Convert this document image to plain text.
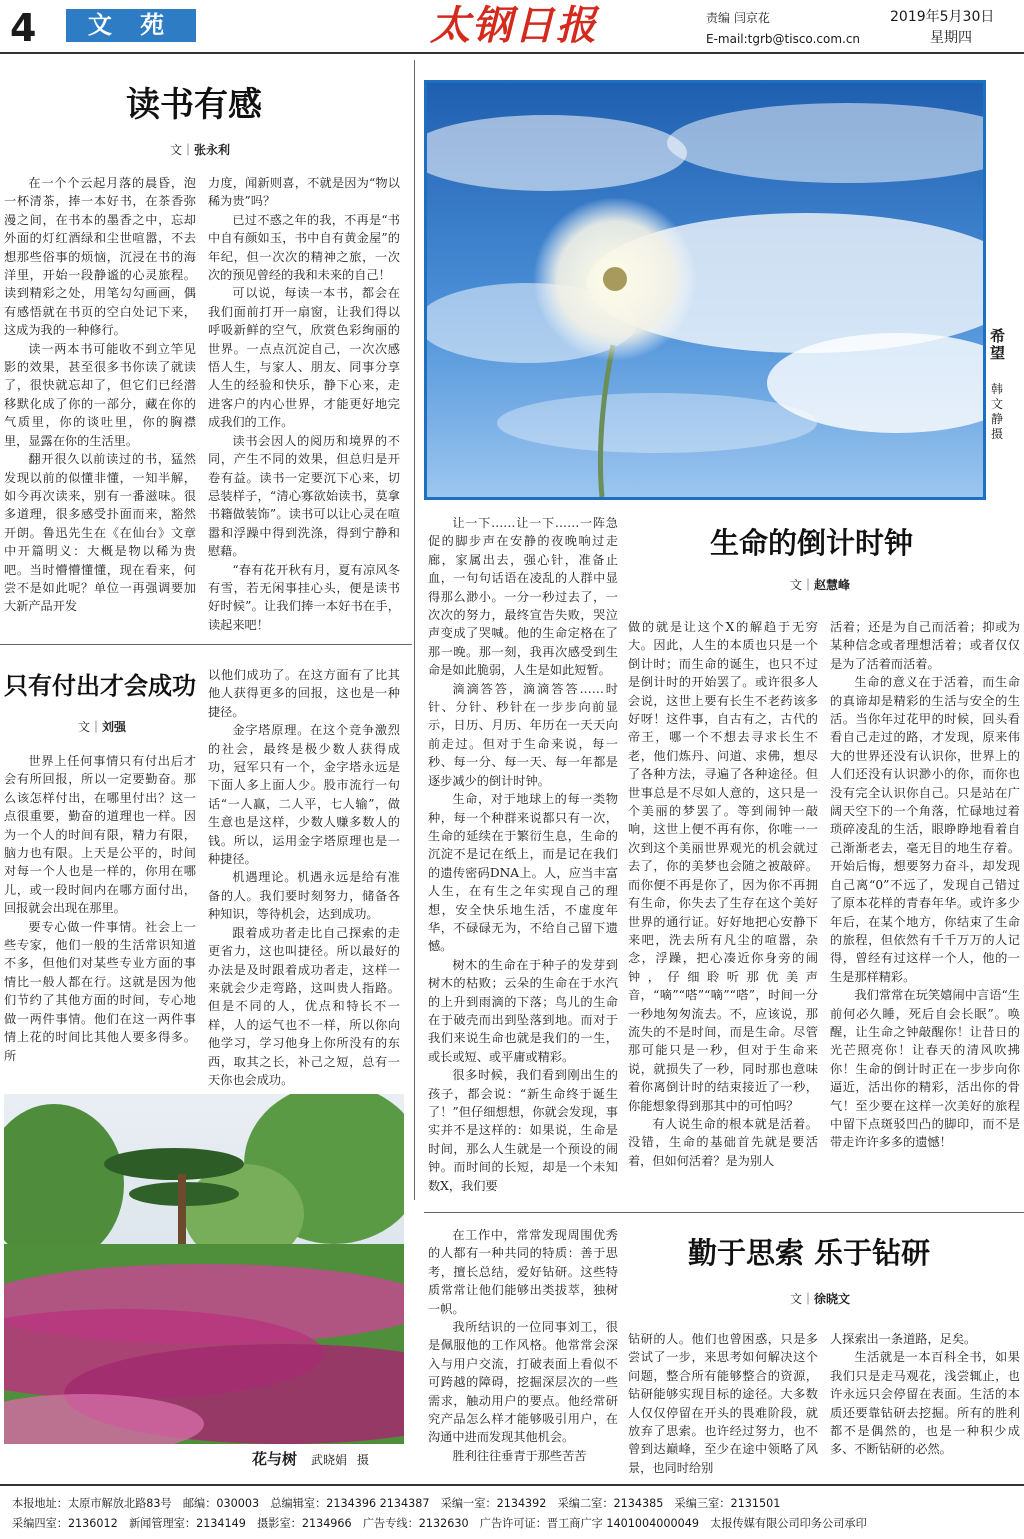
4	文 苑	太钢日报	责编 闫京花
E-mail:tgrb@tisco.com.cn
2019年5月30日
星期四
读书有感
文｜张永利

在一个个云起月落的晨昏，泡一杯清茶，捧一本好书，在茶香弥漫之间，在书本的墨香之中，忘却外面的灯红酒绿和尘世喧嚣，不去想那些俗事的烦恼，沉浸在书的海洋里，开始一段静谧的心灵旅程。读到精彩之处，用笔勾勾画画，偶有感悟就在书页的空白处记下来，这成为我的一种修行。

读一两本书可能收不到立竿见影的效果，甚至很多书你读了就读了，很快就忘却了，但它们已经潜移默化成了你的一部分，藏在你的气质里，你的谈吐里，你的胸襟里，显露在你的生活里。

翻开很久以前读过的书，猛然发现以前的似懂非懂，一知半解，如今再次读来，别有一番滋味。很多道理，很多感受扑面而来，豁然开朗。鲁迅先生在《在仙台》文章中开篇明义：大概是物以稀为贵吧。当时懵懵懂懂，现在看来，何尝不是如此呢？单位一再强调要加大新产品开发

力度，闻新则喜，不就是因为“物以稀为贵”吗？

已过不惑之年的我，不再是“书中自有颜如玉，书中自有黄金屋”的年纪，但一次次的精神之旅，一次次的预见曾经的我和未来的自己！

可以说，每读一本书，都会在我们面前打开一扇窗，让我们得以呼吸新鲜的空气，欣赏色彩绚丽的世界。一点点沉淀自己，一次次感悟人生，与家人、朋友、同事分享人生的经验和快乐，静下心来，走进客户的内心世界，才能更好地完成我们的工作。

读书会因人的阅历和境界的不同，产生不同的效果，但总归是开卷有益。读书一定要沉下心来，切忌装样子，“清心寡欲始读书，莫拿书籍做装饰”。读书可以让心灵在喧嚣和浮躁中得到洗涤，得到宁静和慰藉。

“春有花开秋有月，夏有凉风冬有雪，若无闲事挂心头，便是读书好时候”。让我们捧一本好书在手，读起来吧！

希望
韩文静摄
只有付出才会成功
文｜刘强

世界上任何事情只有付出后才会有所回报，所以一定要勤奋。那么该怎样付出，在哪里付出？这一点很重要，勤奋的道理也一样。因为一个人的时间有限，精力有限，脑力也有限。上天是公平的，时间对每一个人也是一样的，你用在哪儿，或一段时间内在哪方面付出，回报就会出现在那里。

要专心做一件事情。社会上一些专家，他们一般的生活常识知道不多，但他们对某些专业方面的事情比一般人都在行。这就是因为他们节约了其他方面的时间，专心地做一两件事情。他们在这一两件事情上花的时间比其他人要多得多。所

以他们成功了。在这方面有了比其他人获得更多的回报，这也是一种捷径。

金字塔原理。在这个竞争激烈的社会，最终是极少数人获得成功，冠军只有一个，金字塔永远是下面人多上面人少。股市流行一句话“一人赢，二人平，七人输”，做生意也是这样，少数人赚多数人的钱。所以，运用金字塔原理也是一种捷径。

机遇理论。机遇永远是给有准备的人。我们要时刻努力，储备各种知识，等待机会，达到成功。

跟着成功者走比自己探索的走更省力，这也叫捷径。所以最好的办法是及时跟着成功者走，这样一来就会少走弯路，这叫贵人指路。但是不同的人，优点和特长不一样，人的运气也不一样，所以你向他学习，学习他身上你所没有的东西，取其之长，补己之短，总有一天你也会成功。

花与树 武晓娟 摄
生命的倒计时钟
文｜赵慧峰

让一下……让一下……一阵急促的脚步声在安静的夜晚响过走廊，家属出去，强心针，准备止血，一句句话语在凌乱的人群中显得那么渺小。一分一秒过去了，一次次的努力，最终宣告失败，哭泣声变成了哭喊。他的生命定格在了那一晚。那一刻，我再次感受到生命是如此脆弱，人生是如此短暂。

滴滴答答，滴滴答答……时针、分针、秒针在一步步向前显示，日历、月历、年历在一天天向前走过。但对于生命来说，每一秒、每一分、每一天、每一年都是逐步减少的倒计时钟。

生命，对于地球上的每一类物种，每一个种群来说都只有一次，生命的延续在于繁衍生息，生命的沉淀不是记在纸上，而是记在我们的遗传密码DNA上。人，应当丰富人生，在有生之年实现自己的理想，安全快乐地生活，不虚度年华，不碌碌无为，不给自己留下遗憾。

树木的生命在于种子的发芽到树木的枯败；云朵的生命在于水汽的上升到雨滴的下落；鸟儿的生命在于破壳而出到坠落到地。而对于我们来说生命也就是我们的一生，或长或短、或平庸或精彩。

很多时候，我们看到刚出生的孩子，都会说：“新生命终于诞生了！”但仔细想想，你就会发现，事实并不是这样的：如果说，生命是时间，那么人生就是一个预设的闹钟。而时间的长短，却是一个未知数X，我们要

做的就是让这个X的解趋于无穷大。因此，人生的本质也只是一个倒计时；而生命的诞生，也只不过是倒计时的开始罢了。或许很多人会说，这世上要有长生不老药该多好呀！这件事，自古有之，古代的帝王，哪一个不想去寻求长生不老，他们炼丹、问道、求佛，想尽了各种方法，寻遍了各种途径。但世事总是不尽如人意的，这只是一个美丽的梦罢了。等到闹钟一敲响，这世上便不再有你，你唯一一次到这个美丽世界观光的机会就过去了，你的美梦也会随之被敲碎。而你便不再是你了，因为你不再拥有生命，你失去了生存在这个美好世界的通行证。好好地把心安静下来吧，洗去所有凡尘的喧嚣，杂念，浮躁，把心凑近你身旁的闹钟，仔细聆听那优美声音，“嘀”“嗒”“嘀”“嗒”，时间一分一秒地匆匆流去。不，应该说，那流失的不是时间，而是生命。尽管那可能只是一秒，但对于生命来说，就损失了一秒，同时那也意味着你离倒计时的结束接近了一秒，你能想象得到那其中的可怕吗？

有人说生命的根本就是活着。没错，生命的基础首先就是要活着，但如何活着？是为别人

活着；还是为自己而活着；抑或为某种信念或者理想活着；或者仅仅是为了活着而活着。

生命的意义在于活着，而生命的真谛却是精彩的生活与安全的生活。当你年过花甲的时候，回头看看自己走过的路，才发现，原来伟大的世界还没有认识你，世界上的人们还没有认识渺小的你，而你也没有完全认识你自己。只是站在广阔天空下的一个角落，忙碌地过着琐碎凌乱的生活，眼睁睁地看着自己渐渐老去，毫无目的地生存着。开始后悔，想要努力奋斗，却发现自己离“0”不远了，发现自己错过了原本花样的青春年华。或许多少年后，在某个地方，你结束了生命的旅程，但依然有千千万万的人记得，曾经有过这样一个人，他的一生是那样精彩。

我们常常在玩笑嬉闹中言语“生前何必久睡，死后自会长眠”。唤醒，让生命之钟敲醒你！让昔日的光芒照亮你！让春天的清风吹拂你！生命的倒计时正在一步步向你逼近，活出你的精彩，活出你的骨气！至少要在这样一次美好的旅程中留下点斑驳凹凸的脚印，而不是带走许许多多的遗憾！

勤于思索 乐于钻研
文｜徐晓文

在工作中，常常发现周围优秀的人都有一种共同的特质：善于思考，擅长总结，爱好钻研。这些特质常常让他们能够出类拔萃，独树一帜。

我所结识的一位同事刘工，很是佩服他的工作风格。他常常会深入与用户交流，打破表面上看似不可跨越的障碍，挖掘深层次的一些需求，触动用户的要点。他经常研究产品怎么样才能够吸引用户，在沟通中进而发现其他机会。

胜利往往垂青于那些苦苦

钻研的人。他们也曾困惑，只是多尝试了一步，来思考如何解决这个问题，整合所有能够整合的资源，钻研能够实现目标的途径。大多数人仅仅停留在开头的畏难阶段，就放弃了思索。也许经过努力，也不曾到达巅峰，至少在途中领略了风景，也同时给别

人探索出一条道路，足矣。

生活就是一本百科全书，如果我们只是走马观花，浅尝辄止，也许永远只会停留在表面。生活的本质还要靠钻研去挖掘。所有的胜利都不是偶然的，也是一种积少成多、不断钻研的必然。

本报地址：太原市解放北路83号　邮编：030003　总编辑室：2134396 2134387　采编一室：2134392　采编二室：2134385　采编三室：2131501
采编四室：2136012　新闻管理室：2134149　摄影室：2134966　广告专线：2132630　广告许可证：晋工商广字 1401004000049　太报传媒有限公司印务公司承印
